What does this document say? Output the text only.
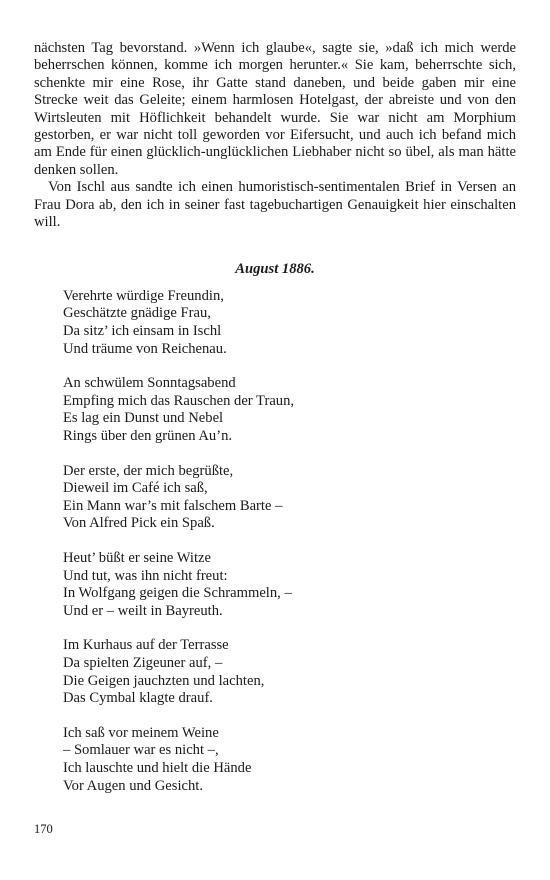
nächsten Tag bevorstand. »Wenn ich glaube«, sagte sie, »daß ich mich werde beherrschen können, komme ich morgen herunter.« Sie kam, beherrschte sich, schenkte mir eine Rose, ihr Gatte stand daneben, und beide gaben mir eine Strecke weit das Geleite; einem harmlosen Hotelgast, der abreiste und von den Wirtsleuten mit Höflichkeit behandelt wurde. Sie war nicht am Morphium gestorben, er war nicht toll geworden vor Eifersucht, und auch ich befand mich am Ende für einen glücklich-unglücklichen Liebhaber nicht so übel, als man hätte denken sollen.

Von Ischl aus sandte ich einen humoristisch-sentimentalen Brief in Versen an Frau Dora ab, den ich in seiner fast tagebuchartigen Genauigkeit hier einschalten will.

August 1886.
Verehrte würdige Freundin,
Geschätzte gnädige Frau,
Da sitz’ ich einsam in Ischl
Und träume von Reichenau.
An schwülem Sonntagsabend
Empfing mich das Rauschen der Traun,
Es lag ein Dunst und Nebel
Rings über den grünen Au’n.
Der erste, der mich begrüßte,
Dieweil im Café ich saß,
Ein Mann war’s mit falschem Barte –
Von Alfred Pick ein Spaß.
Heut’ büßt er seine Witze
Und tut, was ihn nicht freut:
In Wolfgang geigen die Schrammeln, –
Und er – weilt in Bayreuth.
Im Kurhaus auf der Terrasse
Da spielten Zigeuner auf, –
Die Geigen jauchzten und lachten,
Das Cymbal klagte drauf.
Ich saß vor meinem Weine
– Somlauer war es nicht –,
Ich lauschte und hielt die Hände
Vor Augen und Gesicht.
170
